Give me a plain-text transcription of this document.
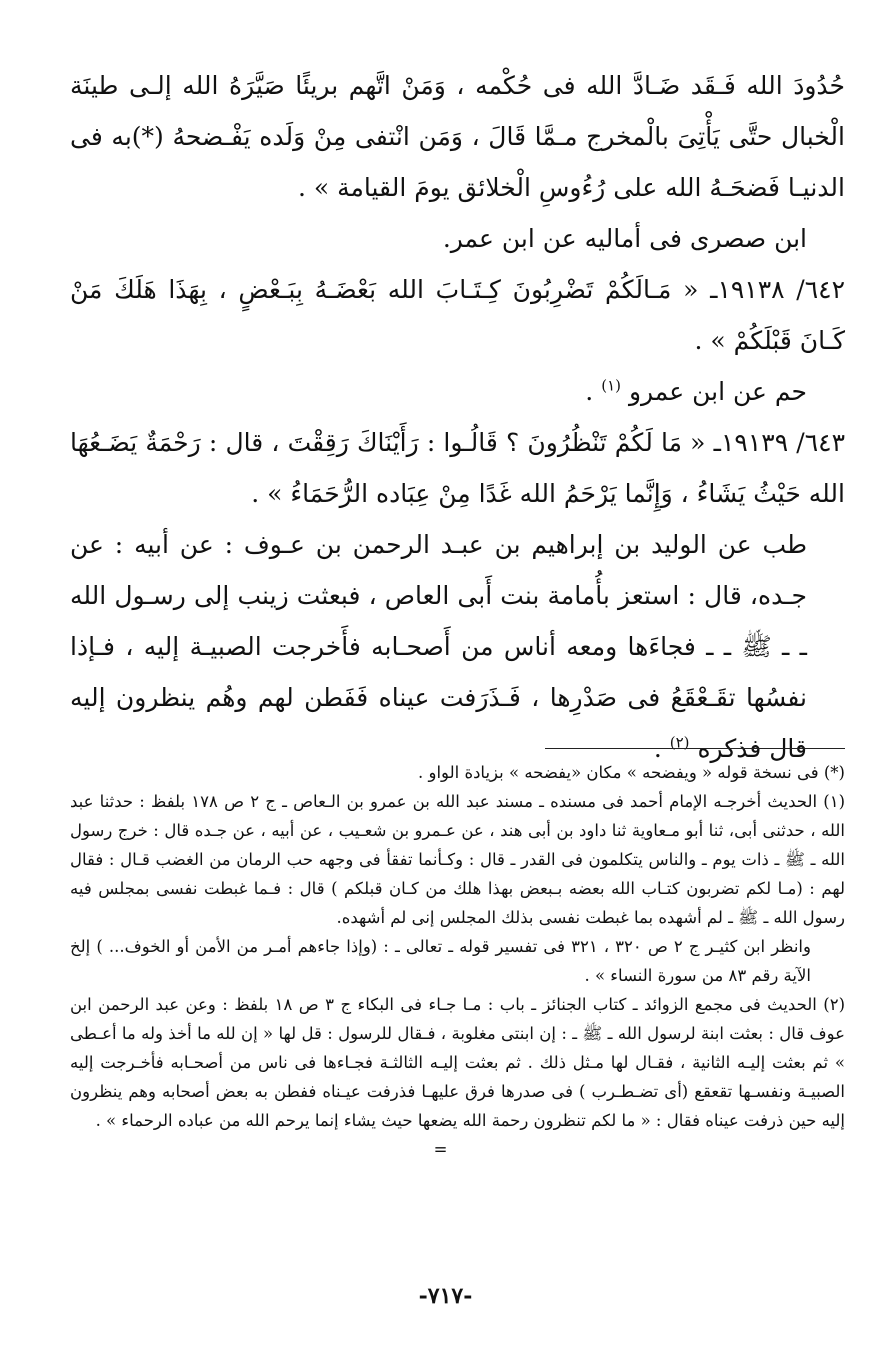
حُدُودَ الله فَـقَد ضَـادَّ الله فى حُكْمه ، وَمَنْ اتَّهم بريئًا صَيَّرَهُ الله إلـى طينَة الْخبال حتَّى يَأْتِىَ بالْمخرج مـمَّا قَالَ ، وَمَن انْتفى مِنْ وَلَده يَفْـضحهُ (*)به فى الدنيـا فَضحَـهُ الله على رُءُوسِ الْخلائق يومَ القيامة » .

ابن صصرى فى أماليه عن ابن عمر.

٦٤٢/ ١٩١٣٨ـ « مَـالَكُمْ تَضْرِبُونَ كِـتَـابَ الله بَعْضَـهُ بِبَـعْضٍ ، بِهَذَا هَلَكَ مَنْ كَـانَ قَبْلَكُمْ » .

حم عن ابن عمرو $^{(١)}$ .

٦٤٣/ ١٩١٣٩ـ « مَا لَكُمْ تَنْظُرُونَ ؟ قَالُـوا : رَأَيْنَاكَ رَقِقْتَ ، قال : رَحْمَةٌ يَضَـعُهَا الله حَيْثُ يَشَاءُ ، وَإِنَّما يَرْحَمُ الله غَدًا مِنْ عِبَاده الرُّحَمَاءُ » .

طب عن الوليد بن إبراهيم بن عبـد الرحمن بن عـوف : عن أبيه : عن جـده، قال : استعز بأُمامة بنت أَبى العاص ، فبعثت زينب إلى رسـول الله ـ ـ ﷺ ـ ـ فجاءَها ومعه أناس من أَصحـابه فأَخرجت الصبيـة إليه ، فـإذا نفسُها تقَـعْقَعُ فى صَدْرِها ، فَـذَرَفت عيناه فَفَطن لهم وهُم ينظرون إليه قال فذكره $^{(٢)}$ .

(*) فى نسخة قوله « ويفضحه » مكان «يفضحه » بزيادة الواو .

(١) الحديث أخرجـه الإمام أحمد فى مسنده ـ مسند عبد الله بن عمرو بن الـعاص ـ ج ٢ ص ١٧٨ بلفظ : حدثنا عبد الله ، حدثنى أبى، ثنا أبو مـعاوية ثنا داود بن أبى هند ، عن عـمرو بن شعـيب ، عن أبيه ، عن جـده قال : خرج رسول الله ـ ﷺ ـ ذات يوم ـ والناس يتكلمون فى القدر ـ قال : وكـأنما تفقأ فى وجهه حب الرمان من الغضب قـال : فقال لهم : (مـا لكم تضربون كتـاب الله بعضه بـبعض بهذا هلك من كـان قبلكم ) قال : فـما غبطت نفسى بمجلس فيه رسول الله ـ ﷺ ـ لم أشهده بما غبطت نفسى بذلك المجلس إنى لم أشهده.

وانظر ابن كثيـر ج ٢ ص ٣٢٠ ، ٣٢١ فى تفسير قوله ـ تعالى ـ : (وإذا جاءهم أمـر من الأمن أو الخوف... ) إلخ الآية رقم ٨٣ من سورة النساء » .

(٢) الحديث فى مجمع الزوائد ـ كتاب الجنائز ـ باب : مـا جـاء فى البكاء ج ٣ ص ١٨ بلفظ : وعن عبد الرحمن ابن عوف قال : بعثت ابنة لرسول الله ـ ﷺ ـ : إن ابنتى مغلوبة ، فـقال للرسول : قل لها « إن لله ما أخذ وله ما أعـطى » ثم بعثت إليـه الثانية ، فقـال لها مـثل ذلك . ثم بعثت إليـه الثالثـة فجـاءها فى ناس من أصحـابه فأخـرجت إليه الصبيـة ونفسـها تقعقع (أى تضـطـرب ) فى صدرها فرق عليهـا فذرفت عيـناه ففطن به بعض أصحابه وهم ينظرون إليه حين ذرفت عيناه فقال : « ما لكم تنظرون رحمة الله يضعها حيث يشاء إنما يرحم الله من عباده الرحماء » .

=

-٧١٧-
